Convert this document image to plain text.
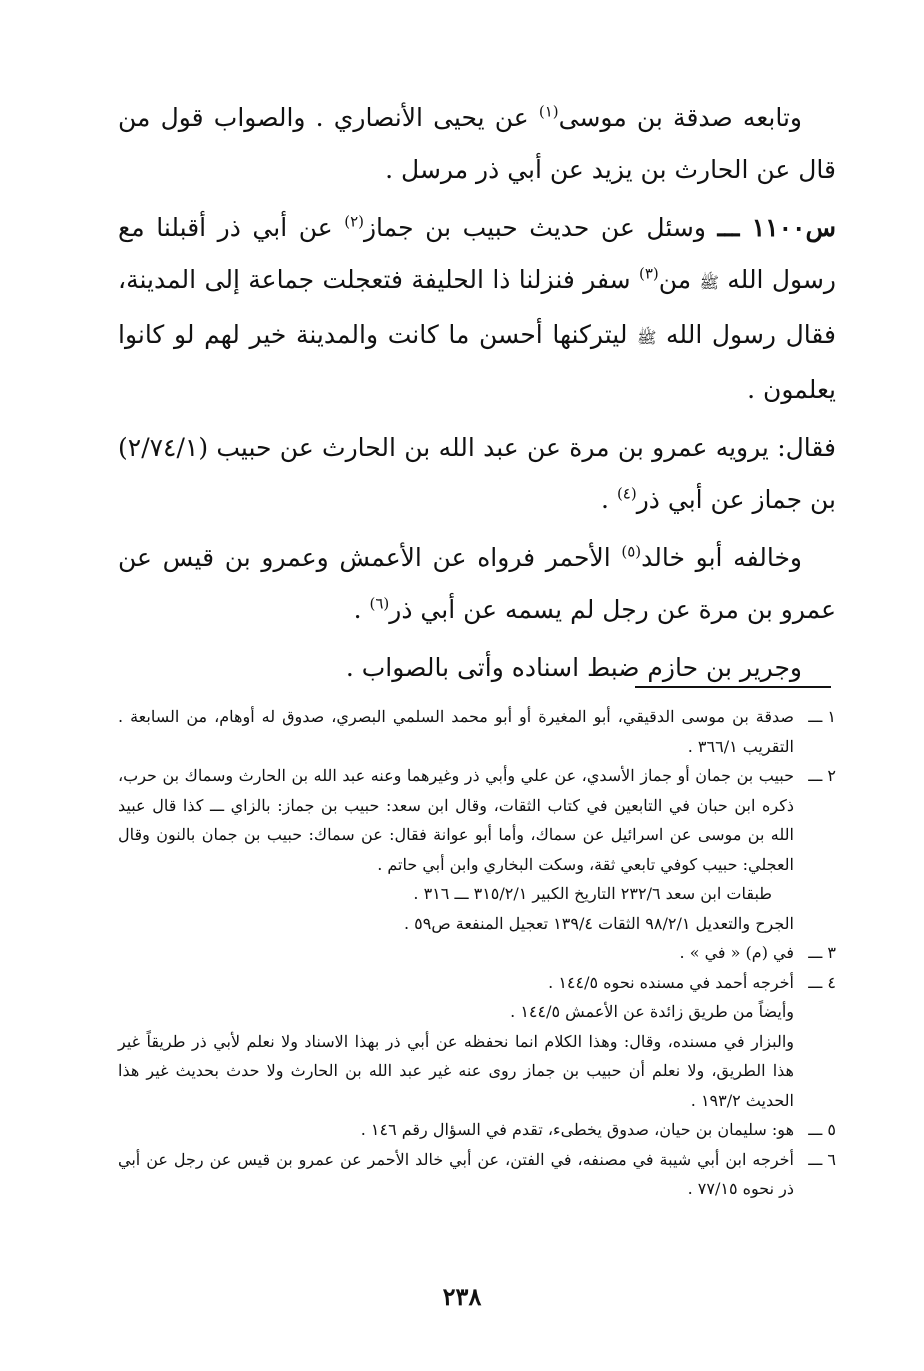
وتابعه صدقة بن موسى$^{(١)}$ عن يحيى الأنصاري . والصواب قول من قال عن الحارث بن يزيد عن أبي ذر مرسل .

س١١٠٠ ـــ وسئل عن حديث حبيب بن جماز$^{(٢)}$ عن أبي ذر أقبلنا مع رسول الله ﷺ من$^{(٣)}$ سفر فنزلنا ذا الحليفة فتعجلت جماعة إلى المدينة، فقال رسول الله ﷺ ليتركنها أحسن ما كانت والمدينة خير لهم لو كانوا يعلمون .

فقال: يرويه عمرو بن مرة عن عبد الله بن الحارث عن حبيب (٢/٧٤/١) بن جماز عن أبي ذر$^{(٤)}$ .

وخالفه أبو خالد$^{(٥)}$ الأحمر فرواه عن الأعمش وعمرو بن قيس عن عمرو بن مرة عن رجل لم يسمه عن أبي ذر$^{(٦)}$ .

وجرير بن حازم ضبط اسناده وأتى بالصواب .

١ ـــ
صدقة بن موسى الدقيقي، أبو المغيرة أو أبو محمد السلمي البصري، صدوق له أوهام، من السابعة . التقريب ٣٦٦/١ .
٢ ـــ
حبيب بن جمان أو جماز الأسدي، عن علي وأبي ذر وغيرهما وعنه عبد الله بن الحارث وسماك بن حرب، ذكره ابن حبان في التابعين في كتاب الثقات، وقال ابن سعد: حبيب بن جماز: بالزاي ـــ كذا قال عبيد الله بن موسى عن اسرائيل عن سماك، وأما أبو عوانة فقال: عن سماك: حبيب بن جمان بالنون وقال العجلي: حبيب كوفي تابعي ثقة، وسكت البخاري وابن أبي حاتم .
طبقات ابن سعد ٢٣٢/٦ التاريخ الكبير ٣١٥/٢/١ ـــ ٣١٦ .
الجرح والتعديل ٩٨/٢/١ الثقات ١٣٩/٤ تعجيل المنفعة ص٥٩ .
٣ ـــ
في (م) « في » .
٤ ـــ
أخرجه أحمد في مسنده نحوه ١٤٤/٥ .
وأيضاً من طريق زائدة عن الأعمش ١٤٤/٥ .
والبزار في مسنده، وقال: وهذا الكلام انما نحفظه عن أبي ذر بهذا الاسناد ولا نعلم لأبي ذر طريقاً غير هذا الطريق، ولا نعلم أن حبيب بن جماز روى عنه غير عبد الله بن الحارث ولا حدث بحديث غير هذا الحديث ١٩٣/٢ .
٥ ـــ
هو: سليمان بن حيان، صدوق يخطىء، تقدم في السؤال رقم ١٤٦ .
٦ ـــ
أخرجه ابن أبي شيبة في مصنفه، في الفتن، عن أبي خالد الأحمر عن عمرو بن قيس عن رجل عن أبي ذر نحوه ٧٧/١٥ .
٢٣٨
